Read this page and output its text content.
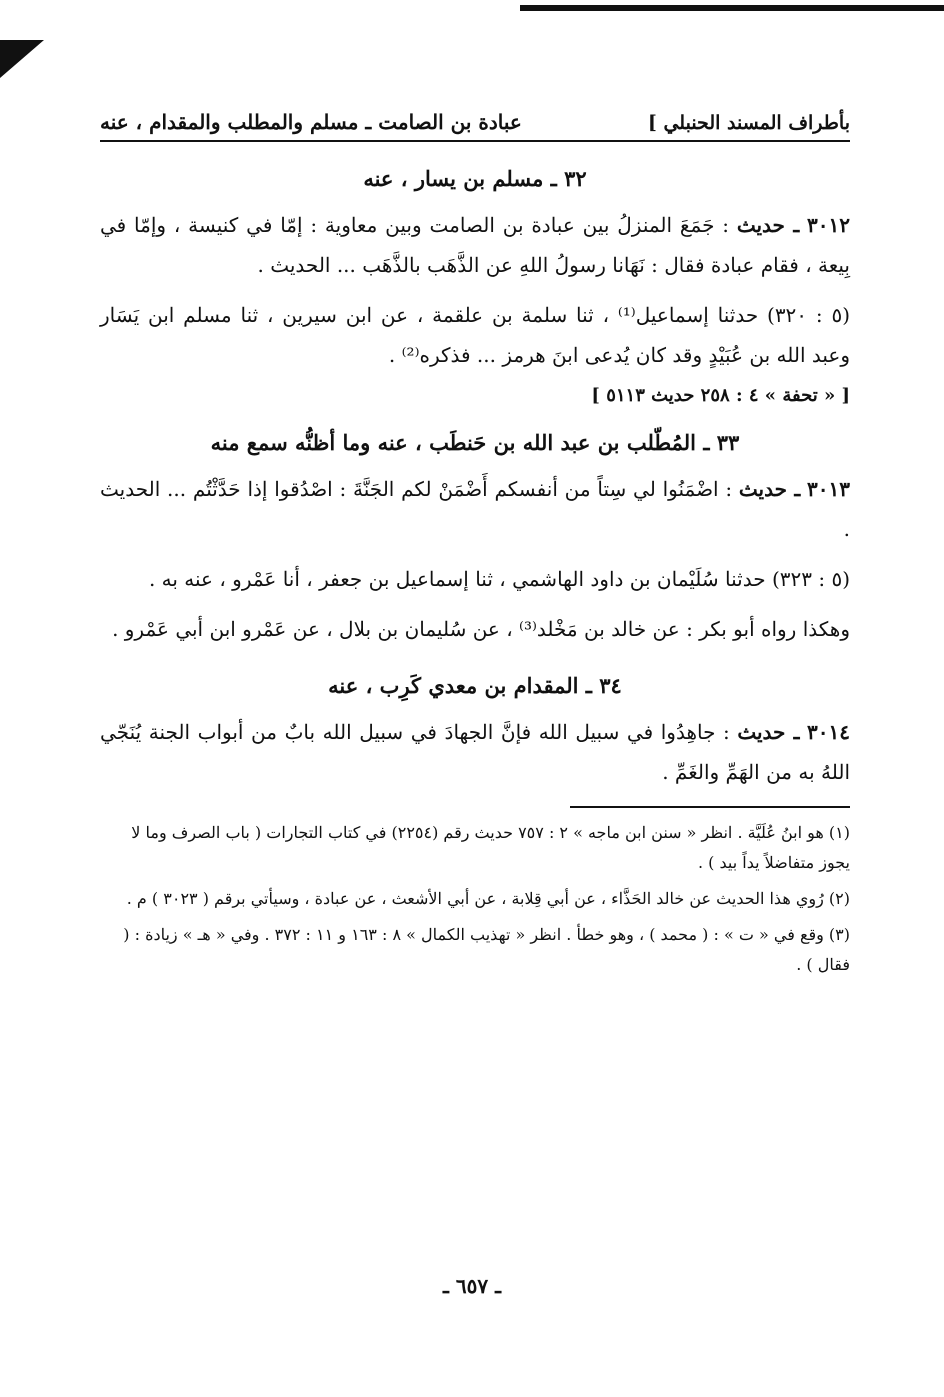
بأطراف المسند الحنبلي ]
عبادة بن الصامت ـ مسلم والمطلب والمقدام ، عنه
٣٢ ـ مسلم بن يسار ، عنه

٣٠١٢ ـ حديث : جَمَعَ المنزلُ بين عبادة بن الصامت وبين معاوية : إمّا في كنيسة ، وإمّا في بِيعة ، فقام عبادة فقال : نَهَانا رسولُ اللهِ عن الذَّهَب بالذَّهَب ... الحديث .

(٥ : ٣٢٠) حدثنا إسماعيل⁽¹⁾ ، ثنا سلمة بن علقمة ، عن ابن سيرين ، ثنا مسلم ابن يَسَار وعبد الله بن عُبَيْدٍ وقد كان يُدعى ابنَ هرمز ... فذكره⁽²⁾ .

[ « تحفة » ٤ : ٢٥٨ حديث ٥١١٣ ]
٣٣ ـ المُطّلب بن عبد الله بن حَنطَب ، عنه وما أظنُّه سمع منه

٣٠١٣ ـ حديث : اضْمَنُوا لي سِتاً من أنفسكم أَضْمَنْ لكم الجَنَّةَ : اصْدُقوا إذا حَدَّثْتُم ... الحديث .

(٥ : ٣٢٣) حدثنا سُلَيْمان بن داود الهاشمي ، ثنا إسماعيل بن جعفر ، أنا عَمْرو ، عنه به .

وهكذا رواه أبو بكر : عن خالد بن مَخْلد⁽³⁾ ، عن سُليمان بن بلال ، عن عَمْرو ابن أبي عَمْرو .

٣٤ ـ المقدام بن معدي كَرِب ، عنه

٣٠١٤ ـ حديث : جاهِدُوا في سبيل الله فإنَّ الجهادَ في سبيل الله بابٌ من أبواب الجنة يُنَجّي اللهُ به من الهَمِّ والغَمِّ .

(١) هو ابنُ عُلَيَّة . انظر « سنن ابن ماجه » ٢ : ٧٥٧ حديث رقم (٢٢٥٤) في كتاب التجارات ( باب الصرف وما لا يجوز متفاضلاً يداً بيد ) .
(٢) رُوي هذا الحديث عن خالد الحَذَّاء ، عن أبي قِلابة ، عن أبي الأشعث ، عن عبادة ، وسيأتي برقم ( ٣٠٢٣ ) م .
(٣) وقع في « ت » : ( محمد ) ، وهو خطأ . انظر « تهذيب الكمال » ٨ : ١٦٣ و ١١ : ٣٧٢ . وفي « هـ » زيادة : ( فقال ) .
ـ ٦٥٧ ـ
